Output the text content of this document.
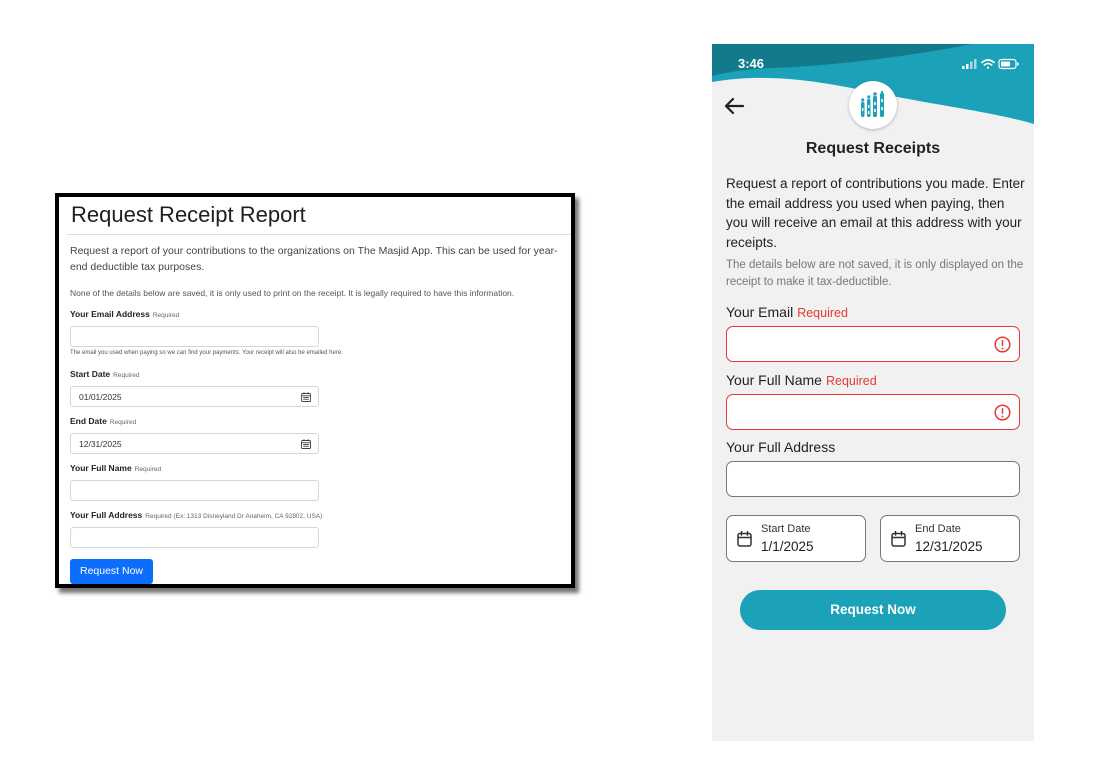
Request Receipt Report
Request a report of your contributions to the organizations on The Masjid App. This can be used for year-end deductible tax purposes.
None of the details below are saved, it is only used to print on the receipt. It is legally required to have this information.
Your Email Address Required
The email you used when paying so we can find your payments. Your receipt will also be emailed here.
Start Date Required
01/01/2025
End Date Required
12/31/2025
Your Full Name Required
Your Full Address Required (Ex: 1313 Disneyland Dr Anaheim, CA 92802, USA)
Request Now
3:46
Request Receipts
Request a report of contributions you made. Enter the email address you used when paying, then you will receive an email at this address with your receipts.
The details below are not saved, it is only displayed on the receipt to make it tax-deductible.
Your Email Required
Your Full Name Required
Your Full Address
Start Date
1/1/2025
End Date
12/31/2025
Request Now
